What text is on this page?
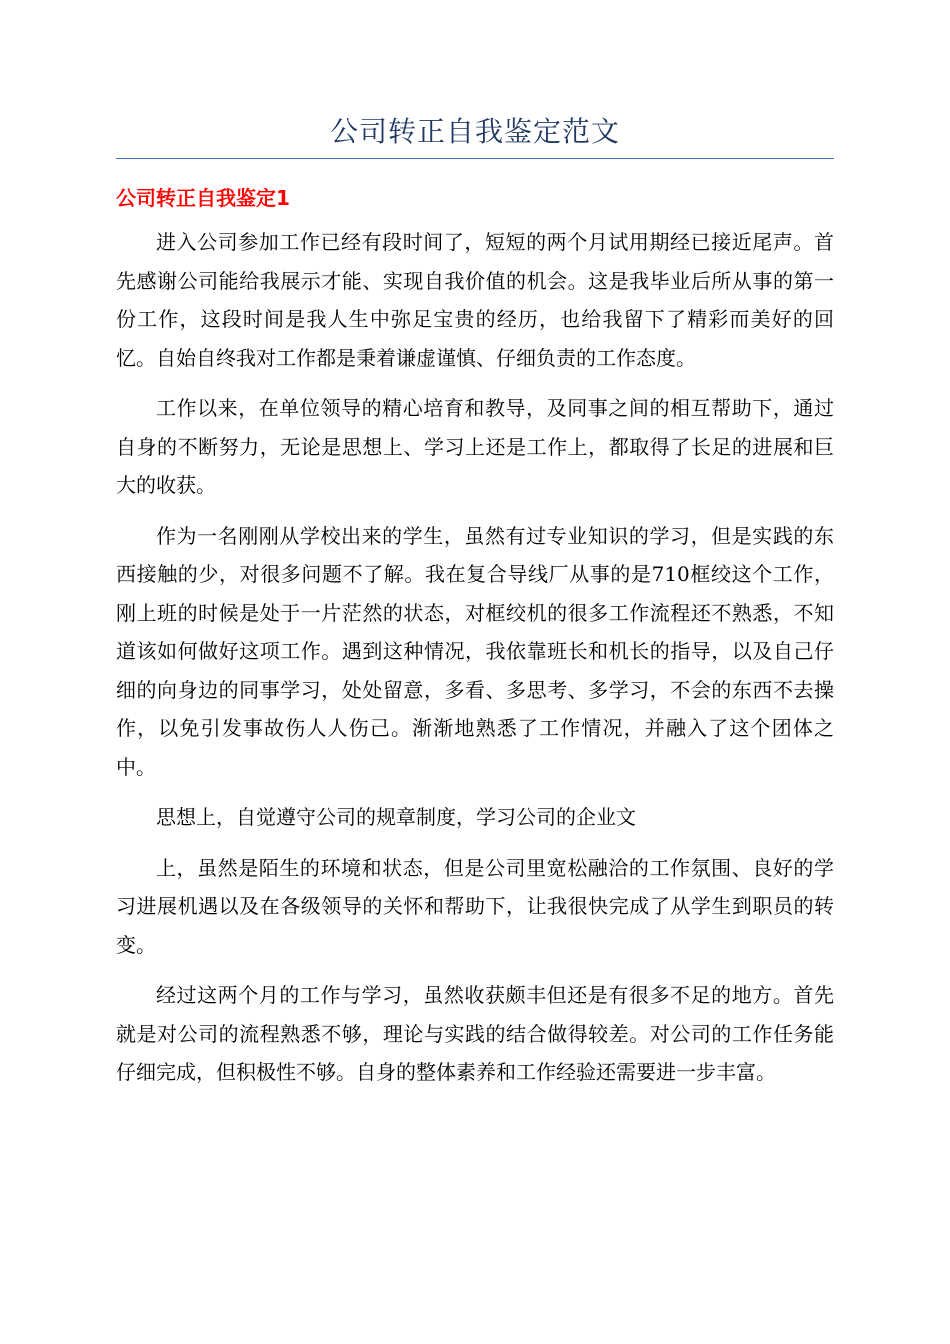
公司转正自我鉴定范文
公司转正自我鉴定1

进入公司参加工作已经有段时间了，短短的两个月试用期经已接近尾声。首先感谢公司能给我展示才能、实现自我价值的机会。这是我毕业后所从事的第一份工作，这段时间是我人生中弥足宝贵的经历，也给我留下了精彩而美好的回忆。自始自终我对工作都是秉着谦虚谨慎、仔细负责的工作态度。

工作以来，在单位领导的精心培育和教导，及同事之间的相互帮助下，通过自身的不断努力，无论是思想上、学习上还是工作上，都取得了长足的进展和巨大的收获。

作为一名刚刚从学校出来的学生，虽然有过专业知识的学习，但是实践的东西接触的少，对很多问题不了解。我在复合导线厂从事的是710框绞这个工作，刚上班的时候是处于一片茫然的状态，对框绞机的很多工作流程还不熟悉，不知道该如何做好这项工作。遇到这种情况，我依靠班长和机长的指导，以及自己仔细的向身边的同事学习，处处留意，多看、多思考、多学习，不会的东西不去操作，以免引发事故伤人人伤己。渐渐地熟悉了工作情况，并融入了这个团体之中。

思想上，自觉遵守公司的规章制度，学习公司的企业文

上，虽然是陌生的环境和状态，但是公司里宽松融洽的工作氛围、良好的学习进展机遇以及在各级领导的关怀和帮助下，让我很快完成了从学生到职员的转变。

经过这两个月的工作与学习，虽然收获颇丰但还是有很多不足的地方。首先就是对公司的流程熟悉不够，理论与实践的结合做得较差。对公司的工作任务能仔细完成，但积极性不够。自身的整体素养和工作经验还需要进一步丰富。
